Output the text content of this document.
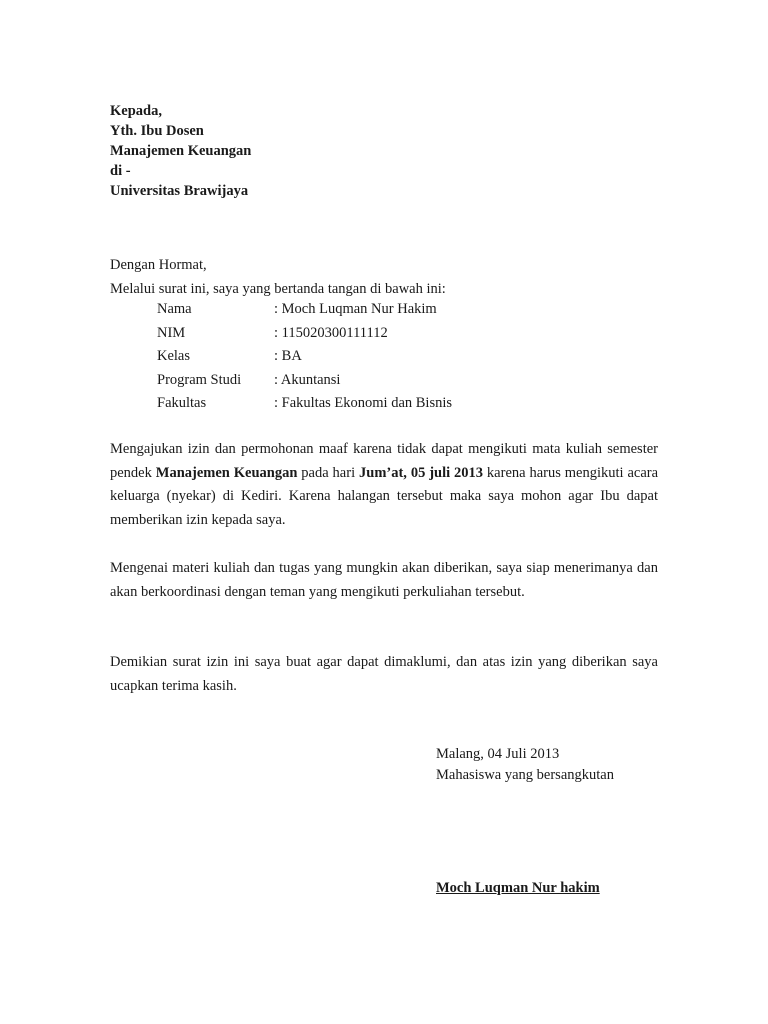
Kepada,
Yth. Ibu Dosen
Manajemen Keuangan
di -
Universitas Brawijaya
Dengan Hormat,
Melalui surat ini, saya yang bertanda tangan di bawah ini:
Nama	: Moch Luqman Nur Hakim
NIM	: 115020300111112
Kelas	: BA
Program Studi	: Akuntansi
Fakultas	: Fakultas Ekonomi dan Bisnis
Mengajukan izin dan permohonan maaf karena tidak dapat mengikuti mata kuliah semester pendek Manajemen Keuangan pada hari Jum’at, 05 juli 2013 karena harus mengikuti acara keluarga (nyekar) di Kediri. Karena halangan tersebut maka saya mohon agar Ibu dapat memberikan izin kepada saya.
Mengenai materi kuliah dan tugas yang mungkin akan diberikan, saya siap menerimanya dan akan berkoordinasi dengan teman yang mengikuti perkuliahan tersebut.
Demikian surat izin ini saya buat agar dapat dimaklumi, dan atas izin yang diberikan saya ucapkan terima kasih.
Malang, 04 Juli 2013
Mahasiswa yang bersangkutan
Moch Luqman Nur hakim
